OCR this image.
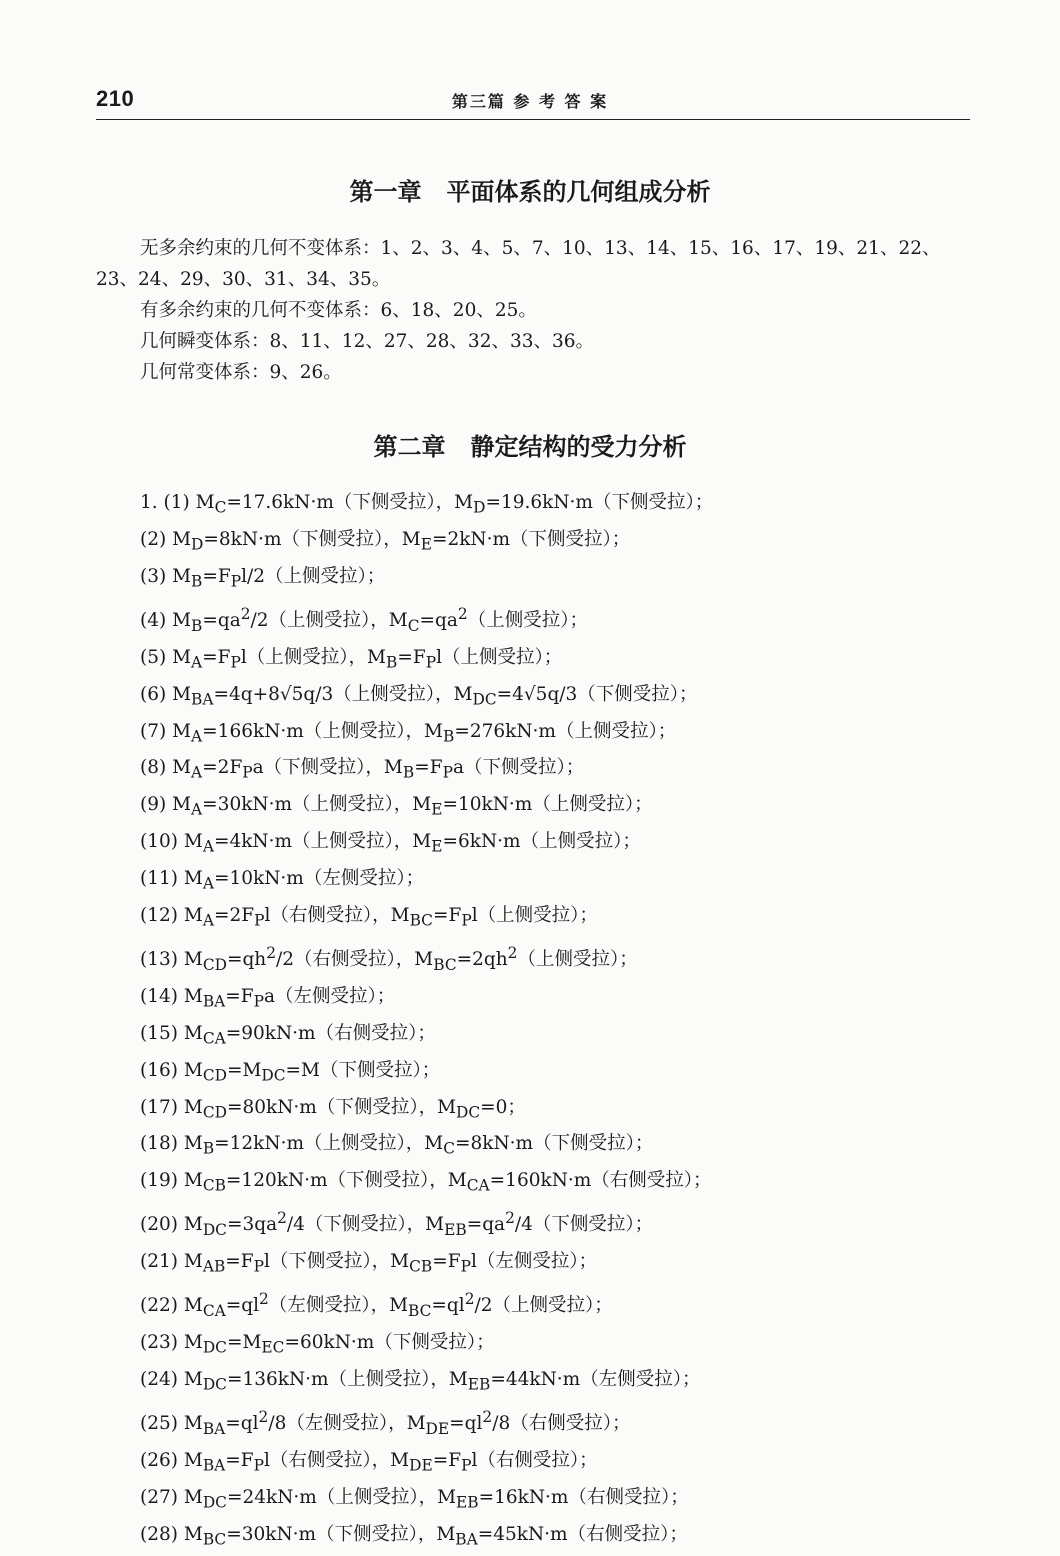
210	第三篇 参 考 答 案
第一章   平面体系的几何组成分析

无多余约束的几何不变体系：1、2、3、4、5、7、10、13、14、15、16、17、19、21、22、23、24、29、30、31、34、35。

有多余约束的几何不变体系：6、18、20、25。

几何瞬变体系：8、11、12、27、28、32、33、36。

几何常变体系：9、26。

第二章   静定结构的受力分析
1. (1) $M_C=17.6kN\cdot m$（下侧受拉），$M_D=19.6kN\cdot m$（下侧受拉）；
(2) $M_D=8kN\cdot m$（下侧受拉），$M_E=2kN\cdot m$（下侧受拉）；
(3) $M_B=F_Pl/2$（上侧受拉）；
(4) $M_B=qa^2/2$（上侧受拉），$M_C=qa^2$（上侧受拉）；
(5) $M_A=F_Pl$（上侧受拉），$M_B=F_Pl$（上侧受拉）；
(6) $M_{BA}=4q+8√5q/3$（上侧受拉），$M_{DC}=4√5q/3$（下侧受拉）；
(7) $M_A=166kN\cdot m$（上侧受拉），$M_B=276kN\cdot m$（上侧受拉）；
(8) $M_A=2F_Pa$（下侧受拉），$M_B=F_Pa$（下侧受拉）；
(9) $M_A=30kN\cdot m$（上侧受拉），$M_E=10kN\cdot m$（上侧受拉）；
(10) $M_A=4kN\cdot m$（上侧受拉），$M_E=6kN\cdot m$（上侧受拉）；
(11) $M_A=10kN\cdot m$（左侧受拉）；
(12) $M_A=2F_Pl$（右侧受拉），$M_{BC}=F_Pl$（上侧受拉）；
(13) $M_{CD}=qh^2/2$（右侧受拉），$M_{BC}=2qh^2$（上侧受拉）；
(14) $M_{BA}=F_Pa$（左侧受拉）；
(15) $M_{CA}=90kN\cdot m$（右侧受拉）；
(16) $M_{CD}=M_{DC}=M$（下侧受拉）；
(17) $M_{CD}=80kN\cdot m$（下侧受拉），$M_{DC}=0$；
(18) $M_B=12kN\cdot m$（上侧受拉），$M_C=8kN\cdot m$（下侧受拉）；
(19) $M_{CB}=120kN\cdot m$（下侧受拉），$M_{CA}=160kN\cdot m$（右侧受拉）；
(20) $M_{DC}=3qa^2/4$（下侧受拉），$M_{EB}=qa^2/4$（下侧受拉）；
(21) $M_{AB}=F_Pl$（下侧受拉），$M_{CB}=F_Pl$（左侧受拉）；
(22) $M_{CA}=ql^2$（左侧受拉），$M_{BC}=ql^2/2$（上侧受拉）；
(23) $M_{DC}=M_{EC}=60kN\cdot m$（下侧受拉）；
(24) $M_{DC}=136kN\cdot m$（上侧受拉），$M_{EB}=44kN\cdot m$（左侧受拉）；
(25) $M_{BA}=ql^2/8$（左侧受拉），$M_{DE}=ql^2/8$（右侧受拉）；
(26) $M_{BA}=F_Pl$（右侧受拉），$M_{DE}=F_Pl$（右侧受拉）；
(27) $M_{DC}=24kN\cdot m$（上侧受拉），$M_{EB}=16kN\cdot m$（右侧受拉）；
(28) $M_{BC}=30kN\cdot m$（下侧受拉），$M_{BA}=45kN\cdot m$（右侧受拉）；
